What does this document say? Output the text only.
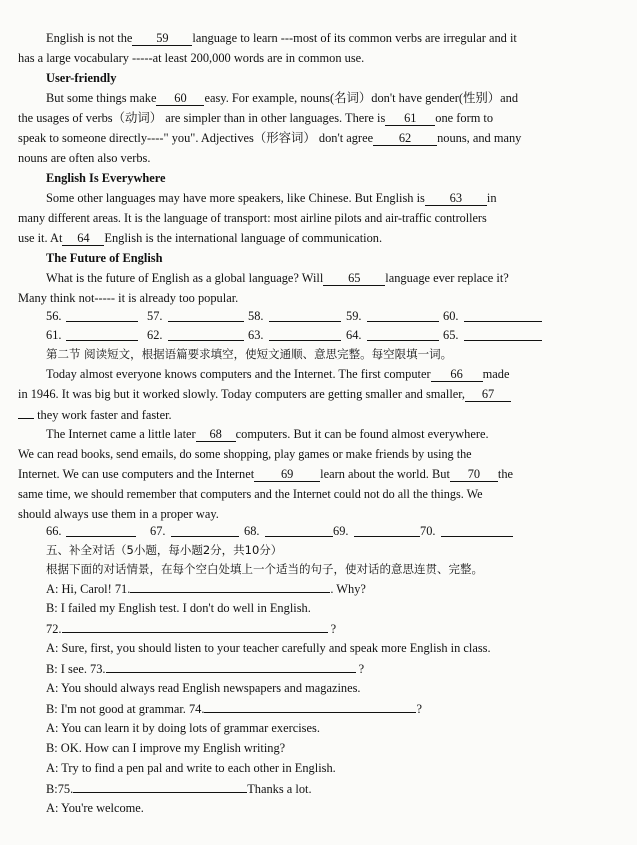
English is not the 59 language to learn ---most of its common verbs are irregular and it
has a large vocabulary -----at least 200,000 words are in common use.
User-friendly
But some things make 60 easy. For example, nouns(名词）don't have gender(性别）and
the usages of verbs（动词） are simpler than in other languages. There is 61 one form to
speak to someone directly----" you". Adjectives（形容词） don't agree 62 nouns, and many
nouns are often also verbs.
English Is Everywhere
Some other languages may have more speakers, like Chinese. But English is 63 in
many different areas. It is the language of transport: most airline pilots and air-traffic controllers
use it. At 64 English is the international language of communication.
The Future of English
What is the future of English as a global language? Will 65 language ever replace it?
Many think not----- it is already too popular.
56.	57.	58.	59.	60.
61.	62.	63.	64.	65.
第二节 阅读短文，根据语篇要求填空，使短文通顺、意思完整。每空限填一词。
Today almost everyone knows computers and the Internet. The first computer 66 made
in 1946. It was big but it worked slowly. Today computers are getting smaller and smaller, 67
they work faster and faster.
The Internet came a little later 68 computers. But it can be found almost everywhere.
We can read books, send emails, do some shopping, play games or make friends by using the
Internet. We can use computers and the Internet 69 learn about the world. But 70 the
same time, we should remember that computers and the Internet could not do all the things. We
should always use them in a proper way.
66.	67.	68.	69.	70.
五、补全对话（5小题，每小题2分，共10分）
根据下面的对话情景，在每个空白处填上一个适当的句子，使对话的意思连贯、完整。
A: Hi, Carol! 71.	. Why?
B: I failed my English test. I don't do well in English.
72.	?
A: Sure, first, you should listen to your teacher carefully and speak more English in class.
B: I see. 73.	?
A: You should always read English newspapers and magazines.
B: I'm not good at grammar. 74.	?
A: You can learn it by doing lots of grammar exercises.
B: OK. How can I improve my English writing?
A: Try to find a pen pal and write to each other in English.
B:75.	Thanks a lot.
A: You're welcome.
